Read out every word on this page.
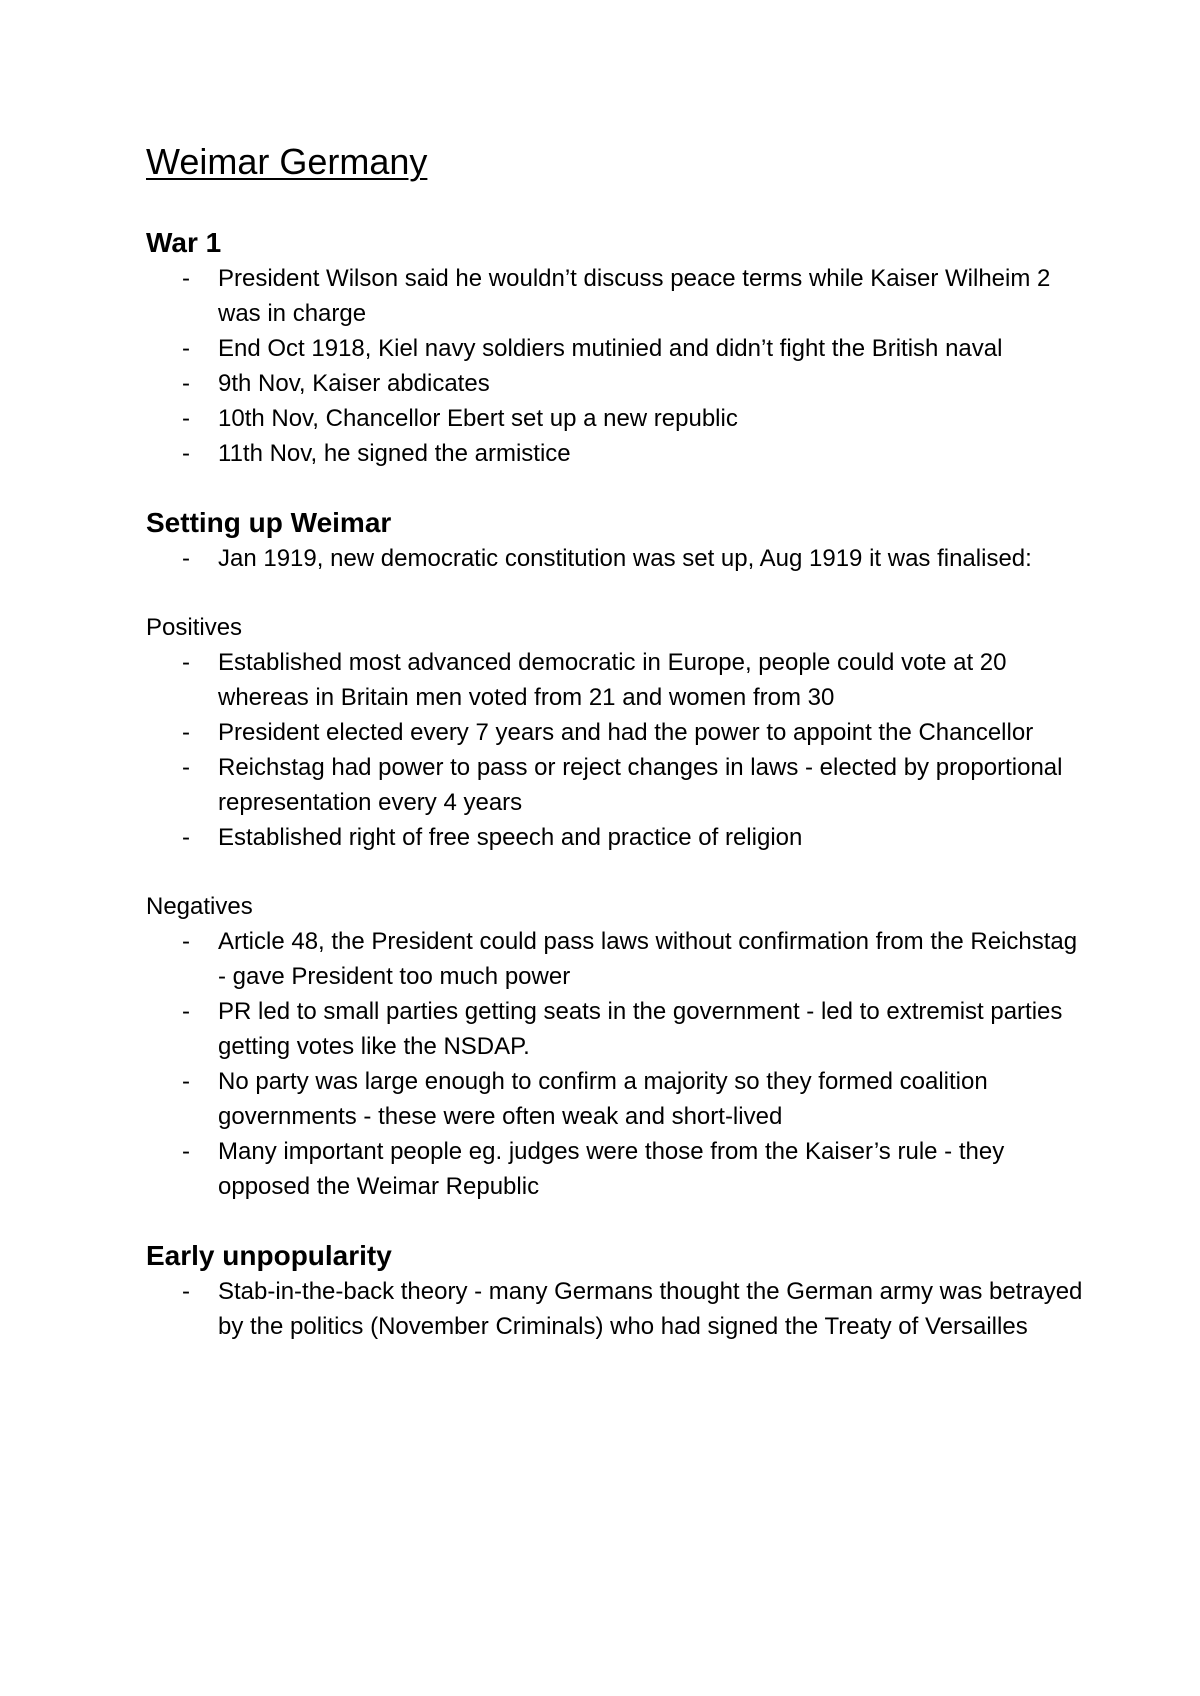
Weimar Germany
War 1
- President Wilson said he wouldn’t discuss peace terms while Kaiser Wilheim 2 was in charge
- End Oct 1918, Kiel navy soldiers mutinied and didn’t fight the British naval
- 9th Nov, Kaiser abdicates
- 10th Nov, Chancellor Ebert set up a new republic
- 11th Nov, he signed the armistice
Setting up Weimar
- Jan 1919, new democratic constitution was set up, Aug 1919 it was finalised:
Positives
- Established most advanced democratic in Europe, people could vote at 20 whereas in Britain men voted from 21 and women from 30
- President elected every 7 years and had the power to appoint the Chancellor
- Reichstag had power to pass or reject changes in laws - elected by proportional representation every 4 years
- Established right of free speech and practice of religion
Negatives
- Article 48, the President could pass laws without confirmation from the Reichstag - gave President too much power
- PR led to small parties getting seats in the government - led to extremist parties getting votes like the NSDAP.
- No party was large enough to confirm a majority so they formed coalition governments - these were often weak and short-lived
- Many important people eg. judges were those from the Kaiser’s rule - they opposed the Weimar Republic
Early unpopularity
- Stab-in-the-back theory - many Germans thought the German army was betrayed by the politics (November Criminals) who had signed the Treaty of Versailles
